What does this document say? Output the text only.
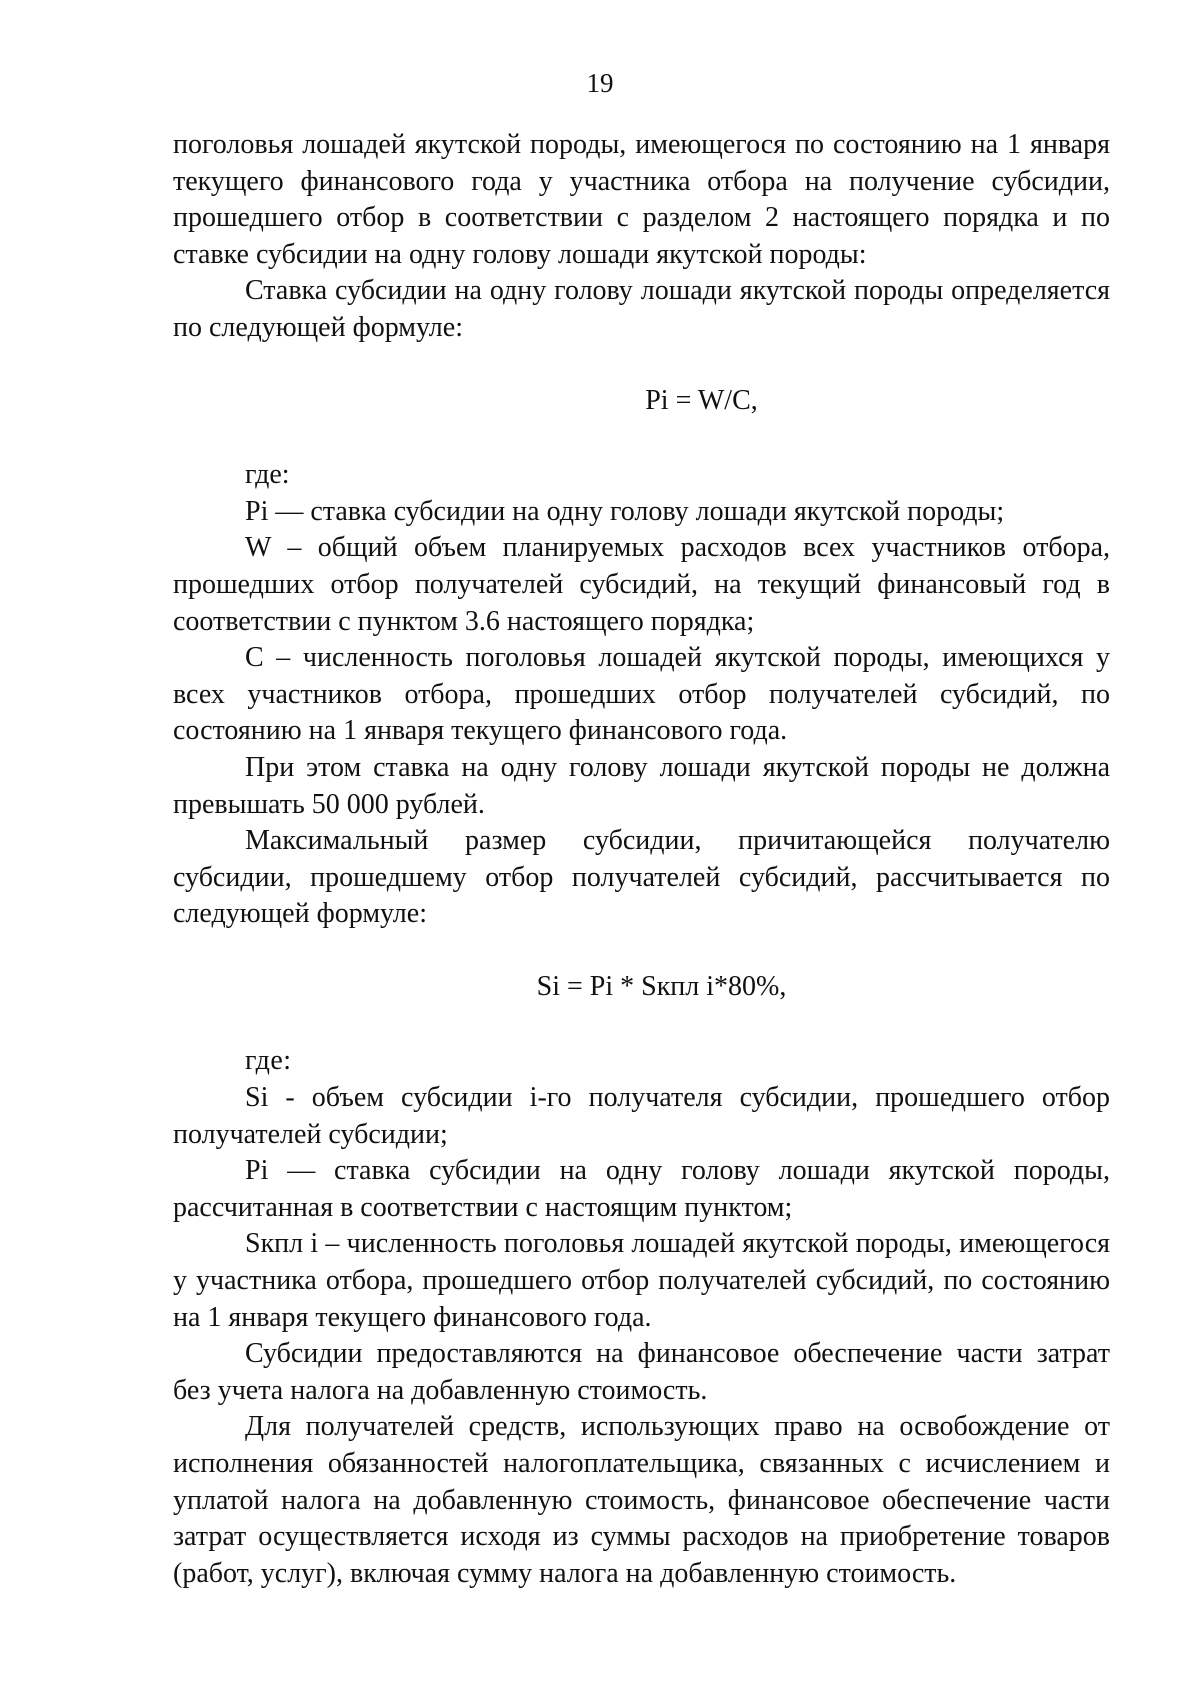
19

поголовья лошадей якутской породы, имеющегося по состоянию на 1 января текущего финансового года у участника отбора на получение субсидии, прошедшего отбор в соответствии с разделом 2 настоящего порядка и по ставке субсидии на одну голову лошади якутской породы:

Ставка субсидии на одну голову лошади якутской породы определяется по следующей формуле:

Pi = W/C,

где:

Pi — ставка субсидии на одну голову лошади якутской породы;

W – общий объем планируемых расходов всех участников отбора, прошедших отбор получателей субсидий, на текущий финансовый год в соответствии с пунктом 3.6 настоящего порядка;

С – численность поголовья лошадей якутской породы, имеющихся у всех участников отбора, прошедших отбор получателей субсидий, по состоянию на 1 января текущего финансового года.

При этом ставка на одну голову лошади якутской породы не должна превышать 50 000 рублей.

Максимальный размер субсидии, причитающейся получателю субсидии, прошедшему отбор получателей субсидий, рассчитывается по следующей формуле:

Si = Pi * Sкпл i*80%,

где:

Si - объем субсидии i-го получателя субсидии, прошедшего отбор получателей субсидии;

Pi — ставка субсидии на одну голову лошади якутской породы, рассчитанная в соответствии с настоящим пунктом;

Sкпл i – численность поголовья лошадей якутской породы, имеющегося у участника отбора, прошедшего отбор получателей субсидий, по состоянию на 1 января текущего финансового года.

Субсидии предоставляются на финансовое обеспечение части затрат без учета налога на добавленную стоимость.

Для получателей средств, использующих право на освобождение от исполнения обязанностей налогоплательщика, связанных с исчислением и уплатой налога на добавленную стоимость, финансовое обеспечение части затрат осуществляется исходя из суммы расходов на приобретение товаров (работ, услуг), включая сумму налога на добавленную стоимость.
